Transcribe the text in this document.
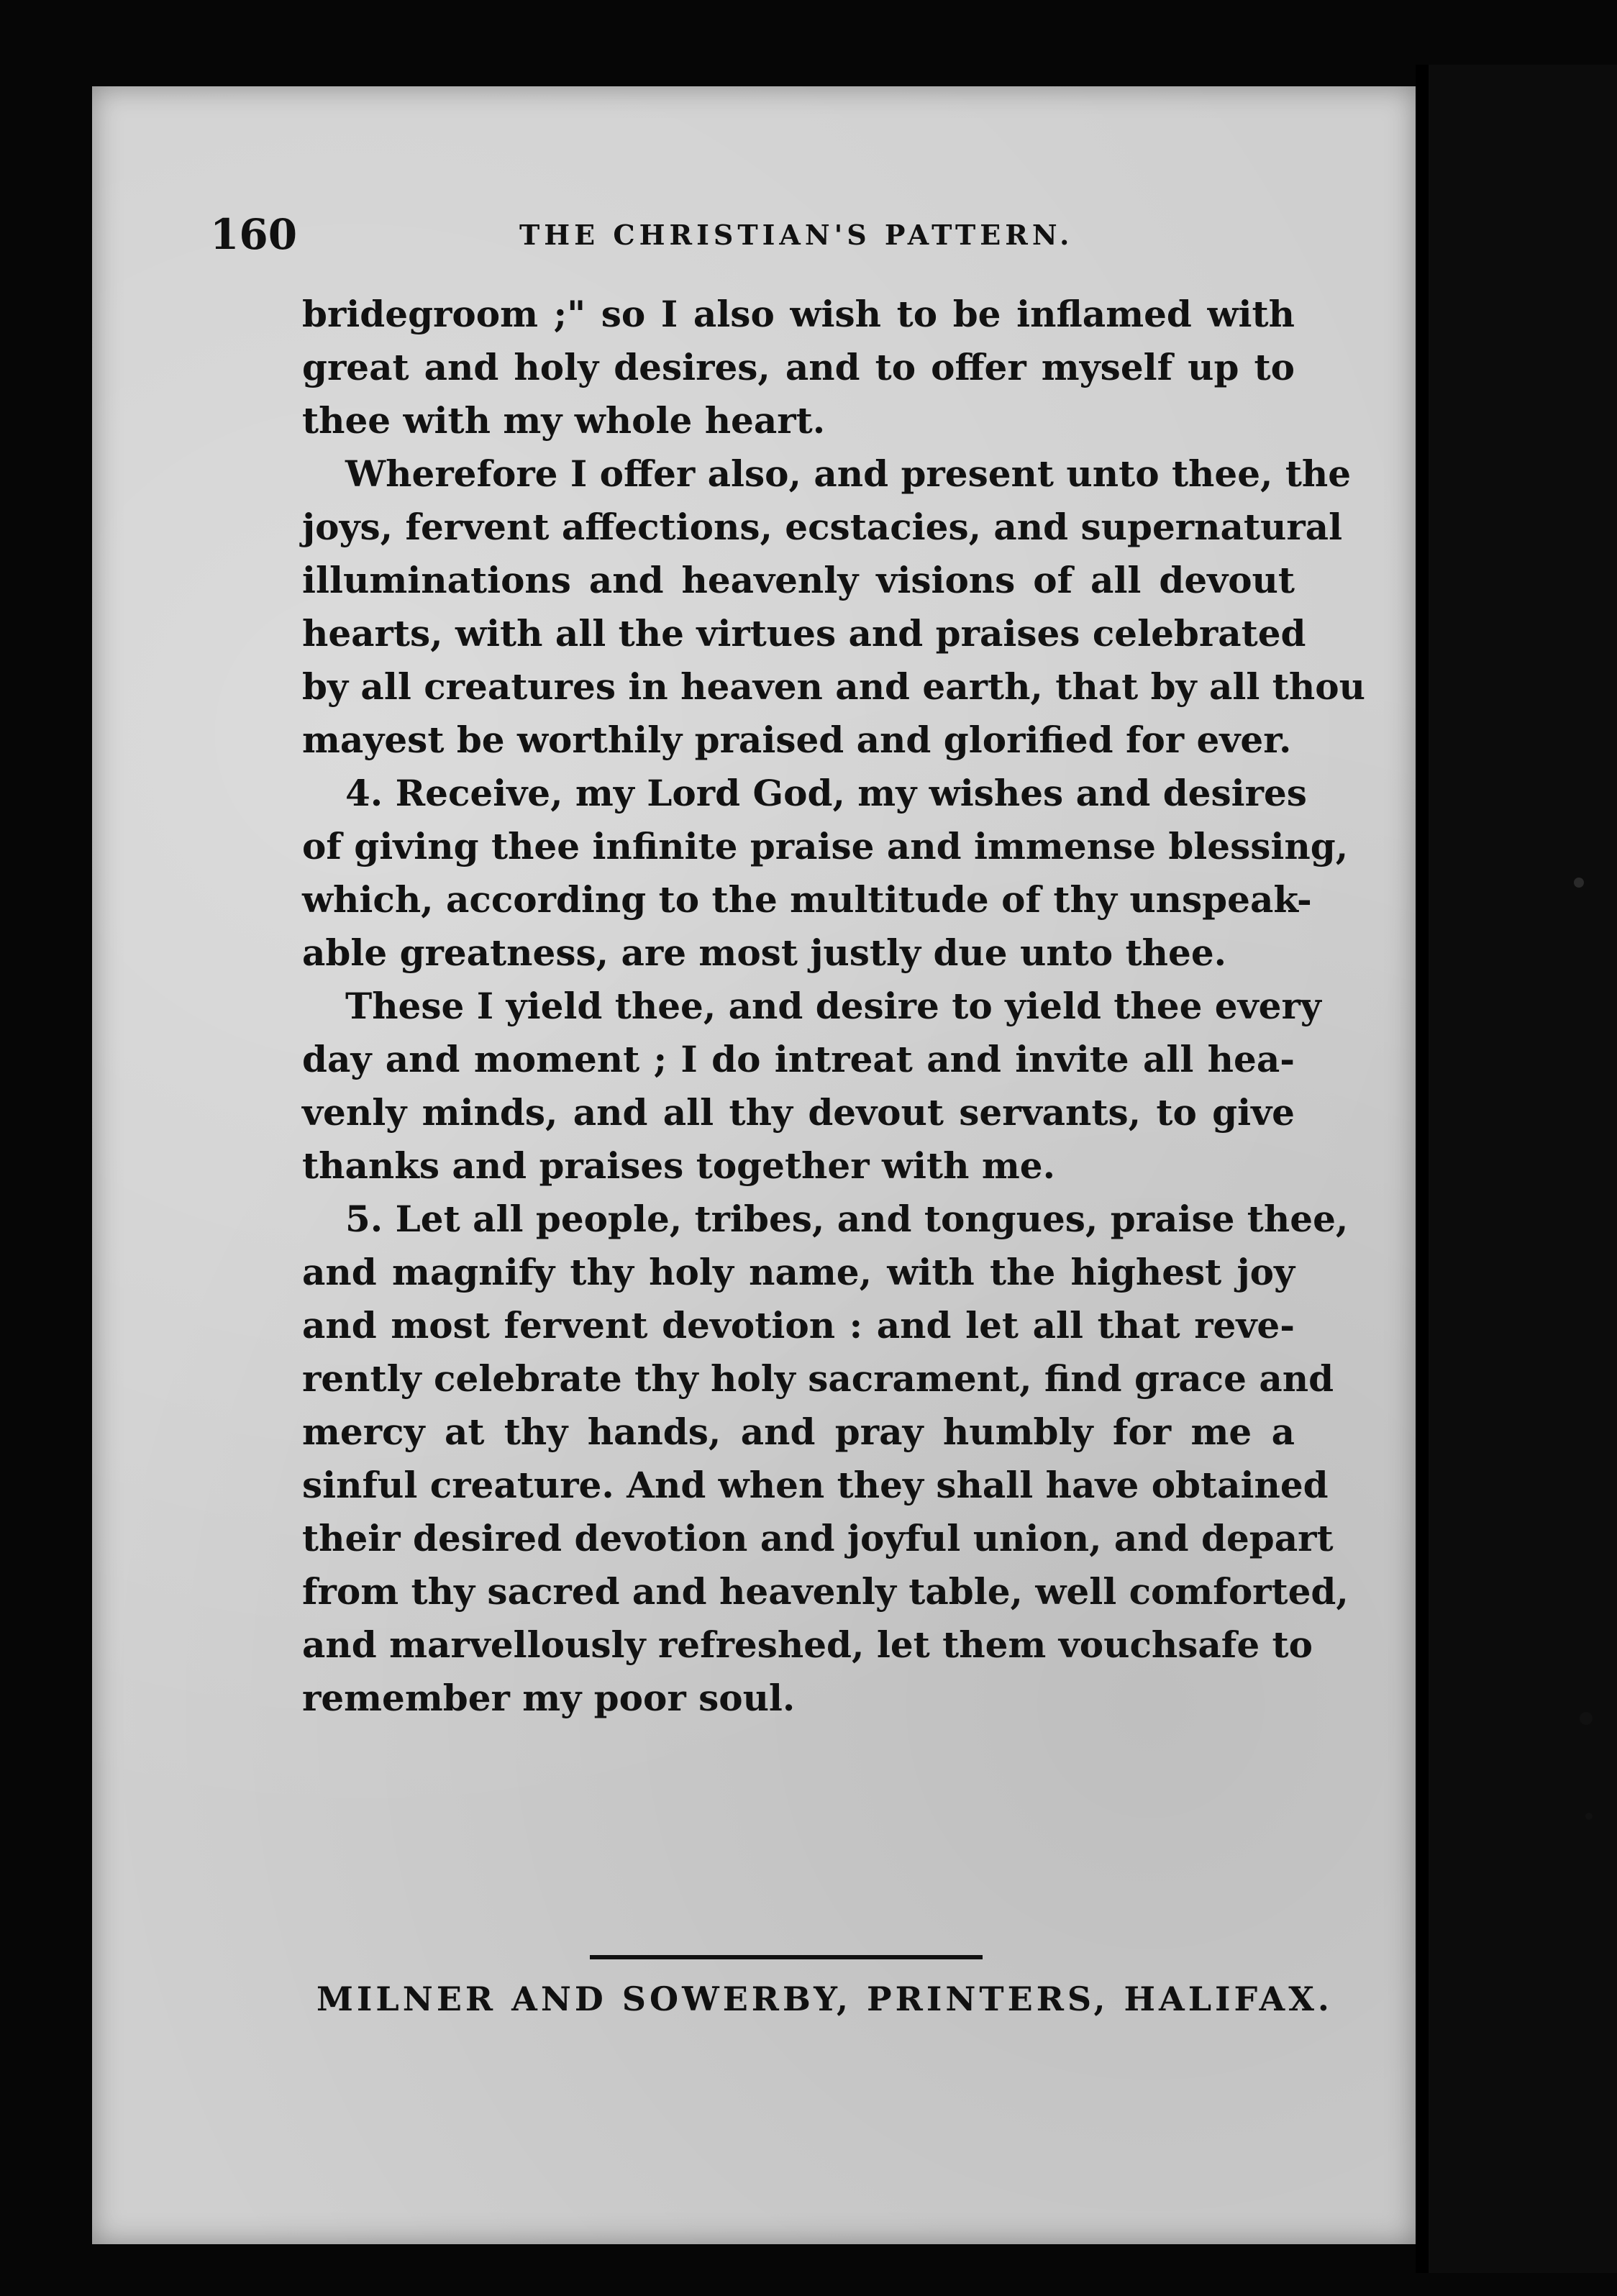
160	THE CHRISTIAN'S PATTERN.
bridegroom ;" so I also wish to be inflamed with
great and holy desires, and to offer myself up to
thee with my whole heart.
Wherefore I offer also, and present unto thee, the
joys, fervent affections, ecstacies, and supernatural
illuminations and heavenly visions of all devout
hearts, with all the virtues and praises celebrated
by all creatures in heaven and earth, that by all thou
mayest be worthily praised and glorified for ever.
4. Receive, my Lord God, my wishes and desires
of giving thee infinite praise and immense blessing,
which, according to the multitude of thy unspeak-
able greatness, are most justly due unto thee.
These I yield thee, and desire to yield thee every
day and moment ; I do intreat and invite all hea-
venly minds, and all thy devout servants, to give
thanks and praises together with me.
5. Let all people, tribes, and tongues, praise thee,
and magnify thy holy name, with the highest joy
and most fervent devotion : and let all that reve-
rently celebrate thy holy sacrament, find grace and
mercy at thy hands, and pray humbly for me a
sinful creature. And when they shall have obtained
their desired devotion and joyful union, and depart
from thy sacred and heavenly table, well comforted,
and marvellously refreshed, let them vouchsafe to
remember my poor soul.
MILNER AND SOWERBY, PRINTERS, HALIFAX.
